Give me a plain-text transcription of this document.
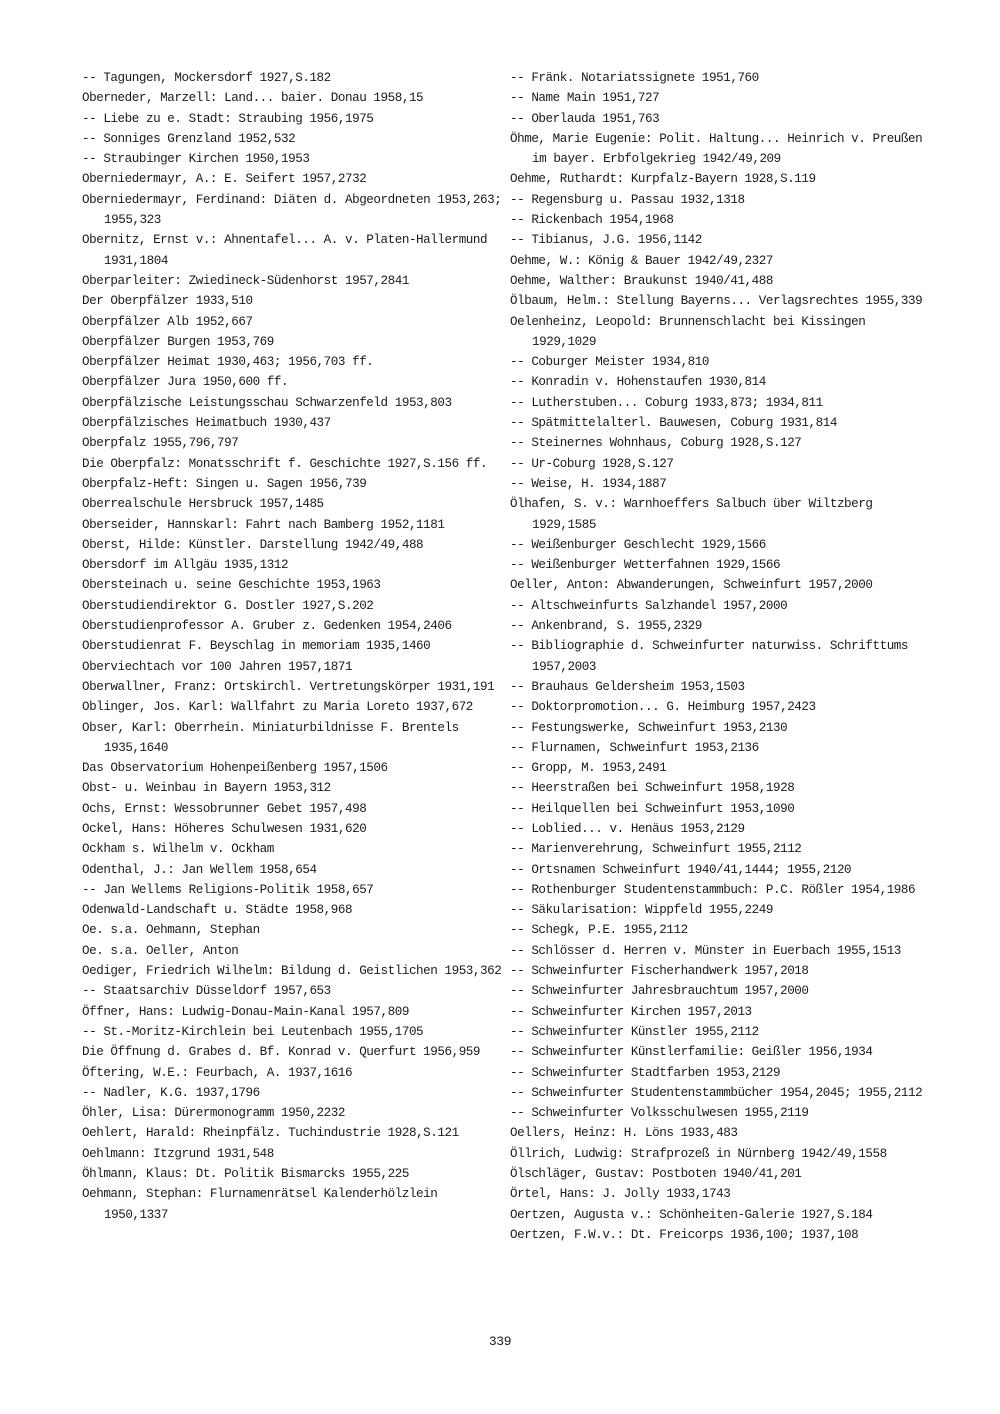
-- Tagungen, Mockersdorf 1927,S.182
Oberneder, Marzell: Land... baier. Donau 1958,15
-- Liebe zu e. Stadt: Straubing 1956,1975
-- Sonniges Grenzland 1952,532
-- Straubinger Kirchen 1950,1953
Oberniedermayr, A.: E. Seifert 1957,2732
Oberniedermayr, Ferdinand: Diäten d. Abgeordneten 1953,263; 1955,323
Obernitz, Ernst v.: Ahnentafel... A. v. Platen-Hallermund 1931,1804
Oberparleiter: Zwiedineck-Südenhorst 1957,2841
Der Oberpfälzer 1933,510
Oberpfälzer Alb 1952,667
Oberpfälzer Burgen 1953,769
Oberpfälzer Heimat 1930,463; 1956,703 ff.
Oberpfälzer Jura 1950,600 ff.
Oberpfälzische Leistungsschau Schwarzenfeld 1953,803
Oberpfälzisches Heimatbuch 1930,437
Oberpfalz 1955,796,797
Die Oberpfalz: Monatsschrift f. Geschichte 1927,S.156 ff.
Oberpfalz-Heft: Singen u. Sagen 1956,739
Oberrealschule Hersbruck 1957,1485
Oberseider, Hannskarl: Fahrt nach Bamberg 1952,1181
Oberst, Hilde: Künstler. Darstellung 1942/49,488
Obersdorf im Allgäu 1935,1312
Obersteinach u. seine Geschichte 1953,1963
Oberstudiendirektor G. Dostler 1927,S.202
Oberstudienprofessor A. Gruber z. Gedenken 1954,2406
Oberstudienrat F. Beyschlag in memoriam 1935,1460
Oberviechtach vor 100 Jahren 1957,1871
Oberwallner, Franz: Ortskirchl. Vertretungskörper 1931,191
Oblinger, Jos. Karl: Wallfahrt zu Maria Loreto 1937,672
Obser, Karl: Oberrhein. Miniaturbildnisse F. Brentels 1935,1640
Das Observatorium Hohenpeißenberg 1957,1506
Obst- u. Weinbau in Bayern 1953,312
Ochs, Ernst: Wessobrunner Gebet 1957,498
Ockel, Hans: Höheres Schulwesen 1931,620
Ockham s. Wilhelm v. Ockham
Odenthal, J.: Jan Wellem 1958,654
-- Jan Wellems Religions-Politik 1958,657
Odenwald-Landschaft u. Städte 1958,968
Oe. s.a. Oehmann, Stephan
Oe. s.a. Oeller, Anton
Oediger, Friedrich Wilhelm: Bildung d. Geistlichen 1953,362
-- Staatsarchiv Düsseldorf 1957,653
Öffner, Hans: Ludwig-Donau-Main-Kanal 1957,809
-- St.-Moritz-Kirchlein bei Leutenbach 1955,1705
Die Öffnung d. Grabes d. Bf. Konrad v. Querfurt 1956,959
Öftering, W.E.: Feurbach, A. 1937,1616
-- Nadler, K.G. 1937,1796
Öhler, Lisa: Dürermonogramm 1950,2232
Oehlert, Harald: Rheinpfälz. Tuchindustrie 1928,S.121
Oehlmann: Itzgrund 1931,548
Öhlmann, Klaus: Dt. Politik Bismarcks 1955,225
Oehmann, Stephan: Flurnamenrätsel Kalenderhölzlein 1950,1337
-- Fränk. Notariatssignete 1951,760
-- Name Main 1951,727
-- Oberlauda 1951,763
Öhme, Marie Eugenie: Polit. Haltung... Heinrich v. Preußen im bayer. Erbfolgekrieg 1942/49,209
Oehme, Ruthardt: Kurpfalz-Bayern 1928,S.119
-- Regensburg u. Passau 1932,1318
-- Rickenbach 1954,1968
-- Tibianus, J.G. 1956,1142
Oehme, W.: König & Bauer 1942/49,2327
Oehme, Walther: Braukunst 1940/41,488
Ölbaum, Helm.: Stellung Bayerns... Verlagsrechtes 1955,339
Oelenheinz, Leopold: Brunnenschlacht bei Kissingen 1929,1029
-- Coburger Meister 1934,810
-- Konradin v. Hohenstaufen 1930,814
-- Lutherstuben... Coburg 1933,873; 1934,811
-- Spätmittelalterl. Bauwesen, Coburg 1931,814
-- Steinernes Wohnhaus, Coburg 1928,S.127
-- Ur-Coburg 1928,S.127
-- Weise, H. 1934,1887
Ölhafen, S. v.: Warnhoeffers Salbuch über Wiltzberg 1929,1585
-- Weißenburger Geschlecht 1929,1566
-- Weißenburger Wetterfahnen 1929,1566
Oeller, Anton: Abwanderungen, Schweinfurt 1957,2000
-- Altschweinfurts Salzhandel 1957,2000
-- Ankenbrand, S. 1955,2329
-- Bibliographie d. Schweinfurter naturwiss. Schrifttums 1957,2003
-- Brauhaus Geldersheim 1953,1503
-- Doktorpromotion... G. Heimburg 1957,2423
-- Festungswerke, Schweinfurt 1953,2130
-- Flurnamen, Schweinfurt 1953,2136
-- Gropp, M. 1953,2491
-- Heerstraßen bei Schweinfurt 1958,1928
-- Heilquellen bei Schweinfurt 1953,1090
-- Loblied... v. Henäus 1953,2129
-- Marienverehrung, Schweinfurt 1955,2112
-- Ortsnamen Schweinfurt 1940/41,1444; 1955,2120
-- Rothenburger Studentenstammbuch: P.C. Rößler 1954,1986
-- Säkularisation: Wippfeld 1955,2249
-- Schegk, P.E. 1955,2112
-- Schlösser d. Herren v. Münster in Euerbach 1955,1513
-- Schweinfurter Fischerhandwerk 1957,2018
-- Schweinfurter Jahresbrauchtum 1957,2000
-- Schweinfurter Kirchen 1957,2013
-- Schweinfurter Künstler 1955,2112
-- Schweinfurter Künstlerfamilie: Geißler 1956,1934
-- Schweinfurter Stadtfarben 1953,2129
-- Schweinfurter Studentenstammbücher 1954,2045; 1955,2112
-- Schweinfurter Volksschulwesen 1955,2119
Oellers, Heinz: H. Löns 1933,483
Öllrich, Ludwig: Strafprozeß in Nürnberg 1942/49,1558
Ölschläger, Gustav: Postboten 1940/41,201
Örtel, Hans: J. Jolly 1933,1743
Oertzen, Augusta v.: Schönheiten-Galerie 1927,S.184
Oertzen, F.W.v.: Dt. Freicorps 1936,100; 1937,108
339
